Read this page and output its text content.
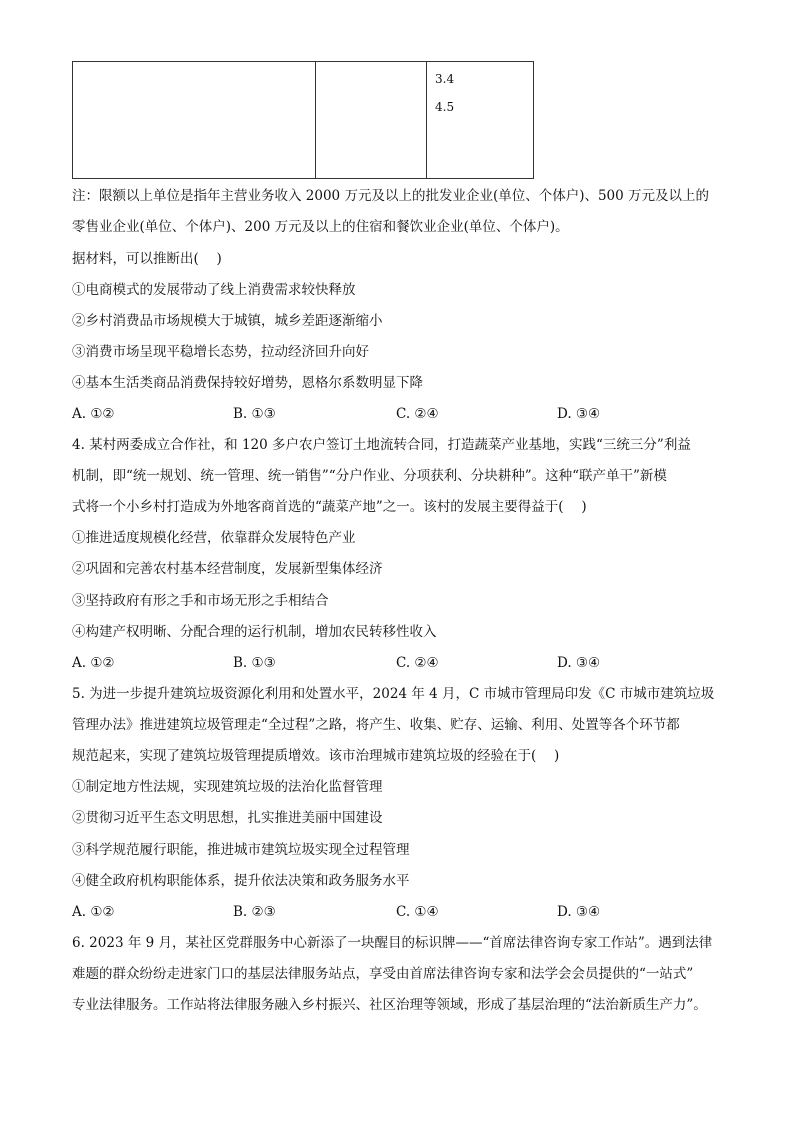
3.4
4.5
注：限额以上单位是指年主营业务收入 2000 万元及以上的批发业企业(单位、个体户)、500 万元及以上的
零售业企业(单位、个体户)、200 万元及以上的住宿和餐饮业企业(单位、个体户)。
据材料，可以推断出(　 )
①电商模式的发展带动了线上消费需求较快释放
②乡村消费品市场规模大于城镇，城乡差距逐渐缩小
③消费市场呈现平稳增长态势，拉动经济回升向好
④基本生活类商品消费保持较好增势，恩格尔系数明显下降
A. ①②	B. ①③	C. ②④	D. ③④
4. 某村两委成立合作社，和 120 多户农户签订土地流转合同，打造蔬菜产业基地，实践“三统三分”利益
机制，即“统一规划、统一管理、统一销售”“分户作业、分项获利、分块耕种”。这种“联产单干”新模
式将一个小乡村打造成为外地客商首选的“蔬菜产地”之一。该村的发展主要得益于(　 )
①推进适度规模化经营，依靠群众发展特色产业
②巩固和完善农村基本经营制度，发展新型集体经济
③坚持政府有形之手和市场无形之手相结合
④构建产权明晰、分配合理的运行机制，增加农民转移性收入
A. ①②	B. ①③	C. ②④	D. ③④
5. 为进一步提升建筑垃圾资源化利用和处置水平，2024 年 4 月，C 市城市管理局印发《C 市城市建筑垃圾
管理办法》推进建筑垃圾管理走“全过程”之路，将产生、收集、贮存、运输、利用、处置等各个环节都
规范起来，实现了建筑垃圾管理提质增效。该市治理城市建筑垃圾的经验在于(　 )
①制定地方性法规，实现建筑垃圾的法治化监督管理
②贯彻习近平生态文明思想，扎实推进美丽中国建设
③科学规范履行职能，推进城市建筑垃圾实现全过程管理
④健全政府机构职能体系，提升依法决策和政务服务水平
A. ①②	B. ②③	C. ①④	D. ③④
6. 2023 年 9 月，某社区党群服务中心新添了一块醒目的标识牌——“首席法律咨询专家工作站”。遇到法律
难题的群众纷纷走进家门口的基层法律服务站点，享受由首席法律咨询专家和法学会会员提供的“一站式”
专业法律服务。工作站将法律服务融入乡村振兴、社区治理等领域，形成了基层治理的“法治新质生产力”。
